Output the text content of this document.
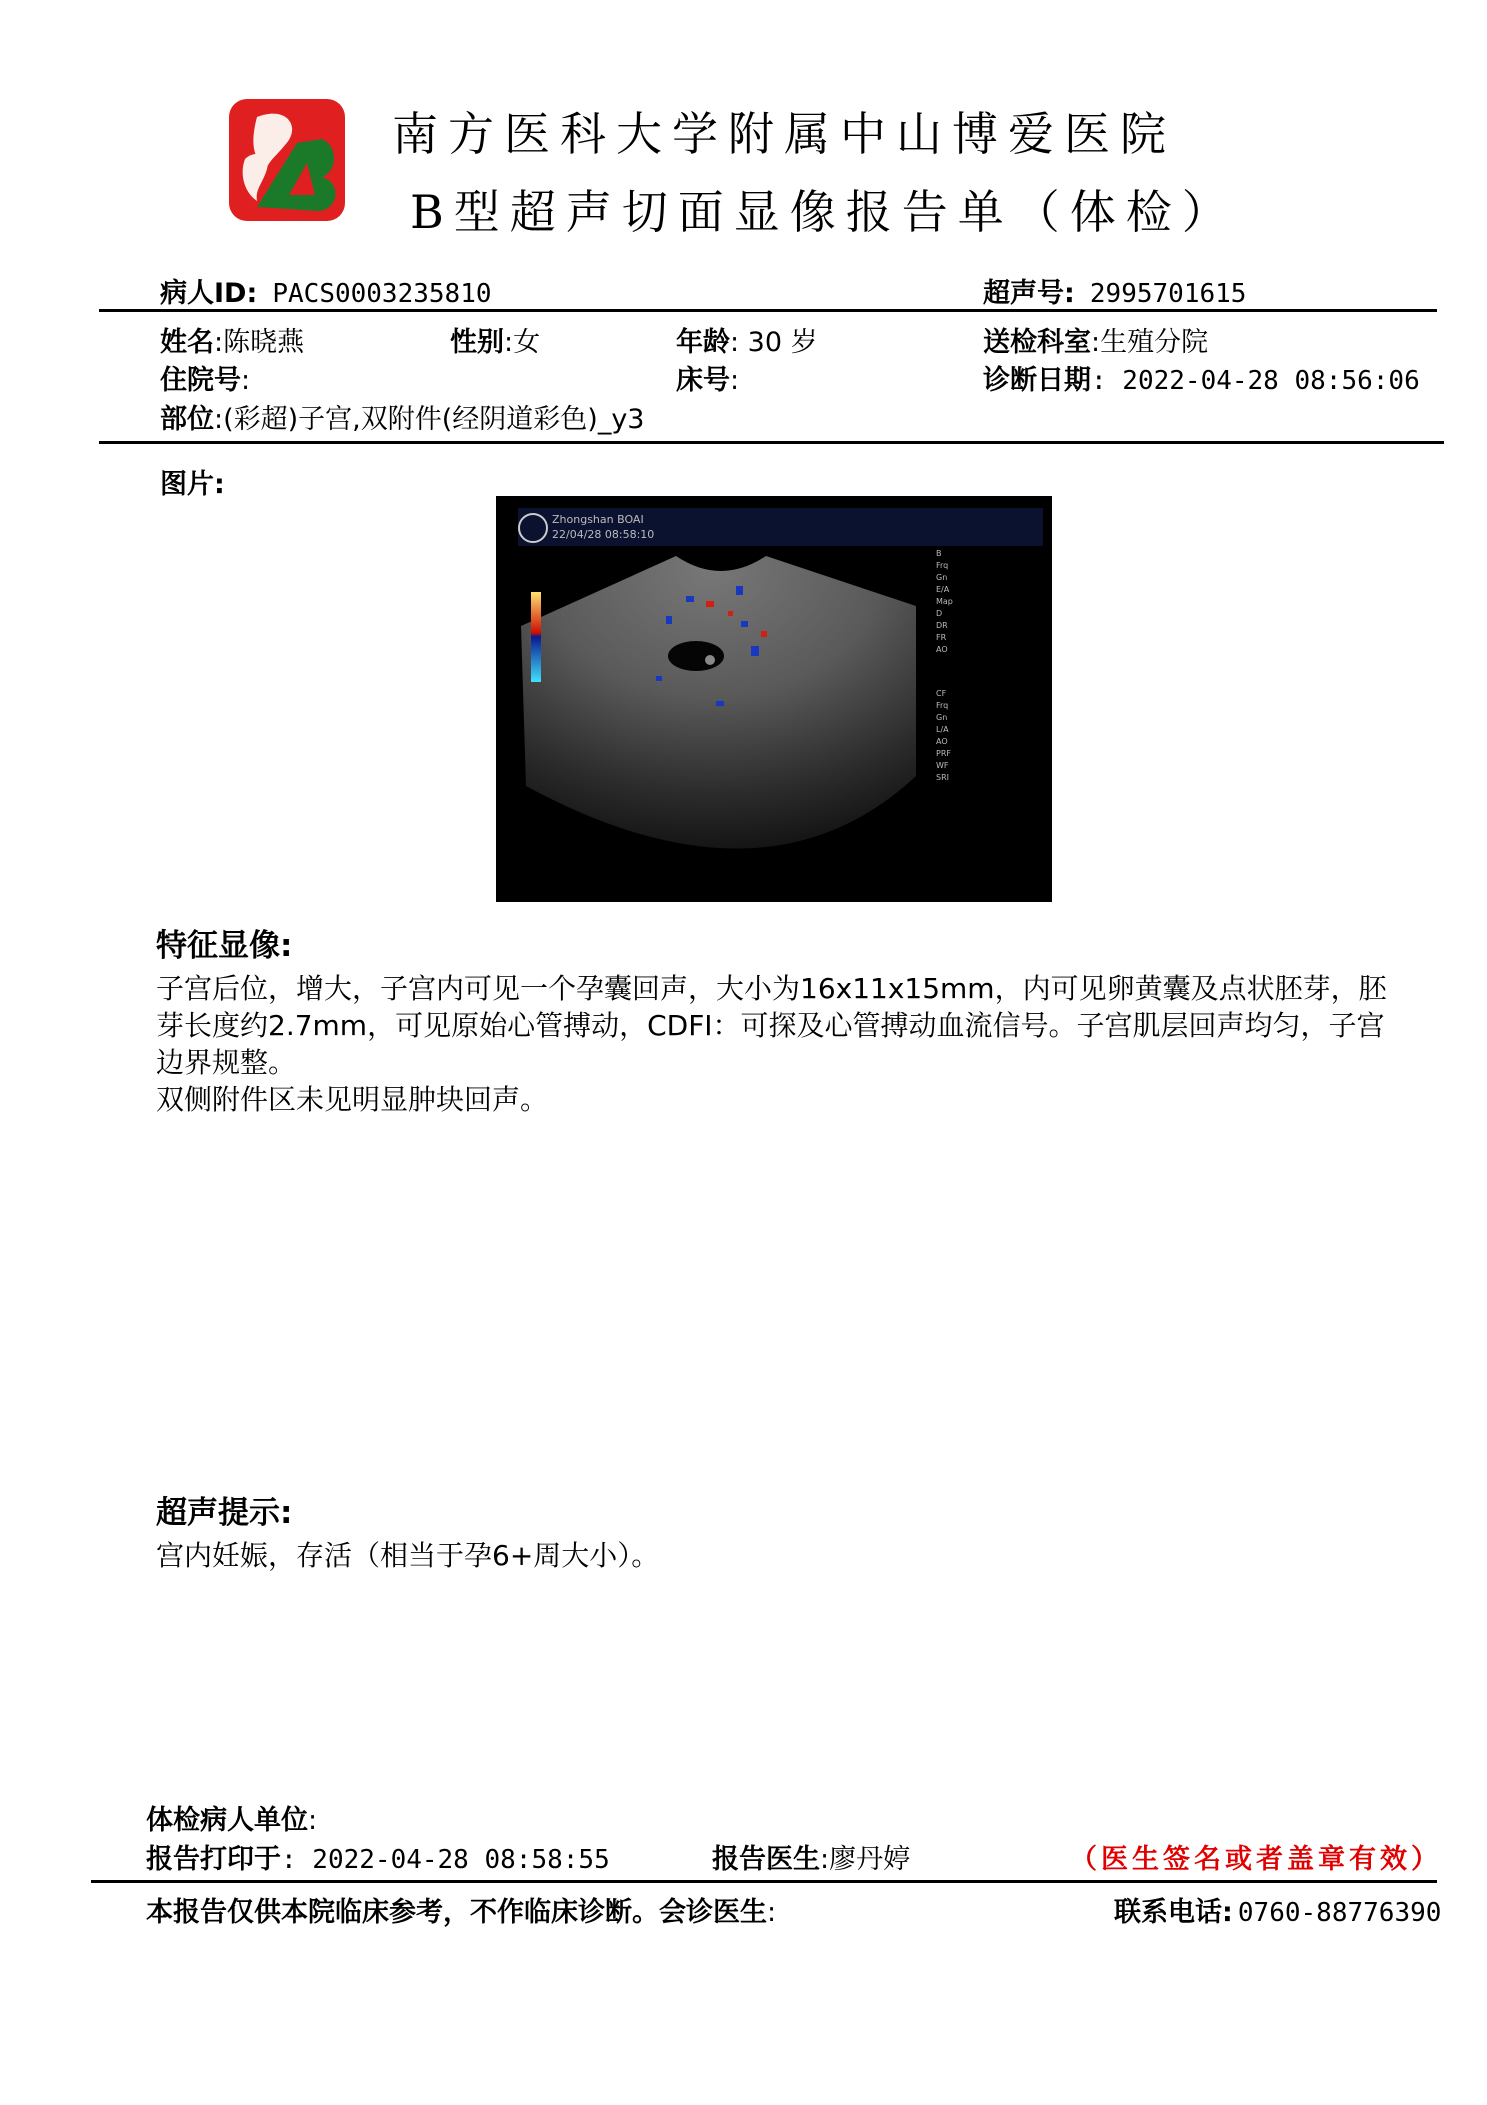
南方医科大学附属中山博爱医院
B型超声切面显像报告单（体检）
病人ID: PACS0003235810	超声号: 2995701615
姓名:陈晓燕	性别:女	年龄: 30 岁	送检科室:生殖分院
住院号:	床号:	诊断日期: 2022-04-28 08:56:06
部位:(彩超)子宫,双附件(经阴道彩色)_y3
图片:
Zhongshan BOAI
22/04/28 08:58:10
B
Frq
Gn
E/A
Map
D
DR
FR
AO
CF
Frq
Gn
L/A
AO
PRF
WF
SRI
特征显像:
子宫后位，增大，子宫内可见一个孕囊回声，大小为16x11x15mm，内可见卵黄囊及点状胚芽，胚芽长度约2.7mm，可见原始心管搏动，CDFI：可探及心管搏动血流信号。子宫肌层回声均匀，子宫边界规整。
双侧附件区未见明显肿块回声。
超声提示:
宫内妊娠，存活（相当于孕6+周大小）。
体检病人单位:
报告打印于: 2022-04-28 08:58:55	报告医生:廖丹婷	（医生签名或者盖章有效）
本报告仅供本院临床参考，不作临床诊断。会诊医生:	联系电话: 0760-88776390
